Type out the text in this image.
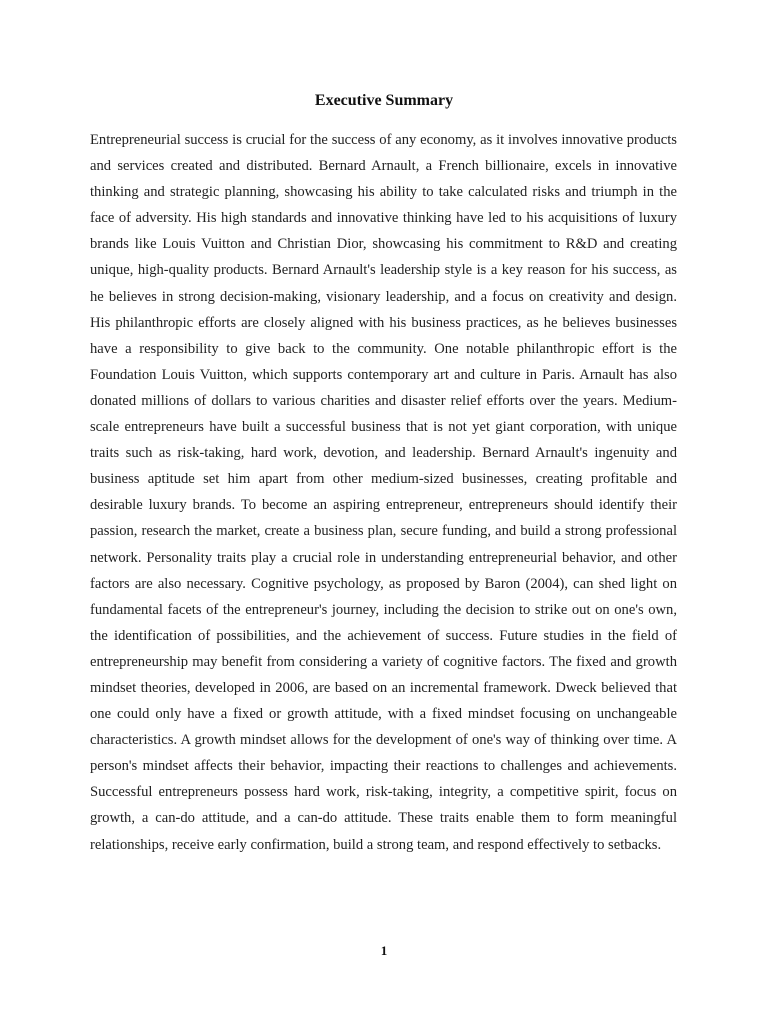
Executive Summary

Entrepreneurial success is crucial for the success of any economy, as it involves innovative products and services created and distributed. Bernard Arnault, a French billionaire, excels in innovative thinking and strategic planning, showcasing his ability to take calculated risks and triumph in the face of adversity. His high standards and innovative thinking have led to his acquisitions of luxury brands like Louis Vuitton and Christian Dior, showcasing his commitment to R&D and creating unique, high-quality products. Bernard Arnault's leadership style is a key reason for his success, as he believes in strong decision-making, visionary leadership, and a focus on creativity and design. His philanthropic efforts are closely aligned with his business practices, as he believes businesses have a responsibility to give back to the community. One notable philanthropic effort is the Foundation Louis Vuitton, which supports contemporary art and culture in Paris. Arnault has also donated millions of dollars to various charities and disaster relief efforts over the years. Medium-scale entrepreneurs have built a successful business that is not yet giant corporation, with unique traits such as risk-taking, hard work, devotion, and leadership. Bernard Arnault's ingenuity and business aptitude set him apart from other medium-sized businesses, creating profitable and desirable luxury brands. To become an aspiring entrepreneur, entrepreneurs should identify their passion, research the market, create a business plan, secure funding, and build a strong professional network. Personality traits play a crucial role in understanding entrepreneurial behavior, and other factors are also necessary. Cognitive psychology, as proposed by Baron (2004), can shed light on fundamental facets of the entrepreneur's journey, including the decision to strike out on one's own, the identification of possibilities, and the achievement of success. Future studies in the field of entrepreneurship may benefit from considering a variety of cognitive factors. The fixed and growth mindset theories, developed in 2006, are based on an incremental framework. Dweck believed that one could only have a fixed or growth attitude, with a fixed mindset focusing on unchangeable characteristics. A growth mindset allows for the development of one's way of thinking over time. A person's mindset affects their behavior, impacting their reactions to challenges and achievements. Successful entrepreneurs possess hard work, risk-taking, integrity, a competitive spirit, focus on growth, a can-do attitude, and a can-do attitude. These traits enable them to form meaningful relationships, receive early confirmation, build a strong team, and respond effectively to setbacks.

1
